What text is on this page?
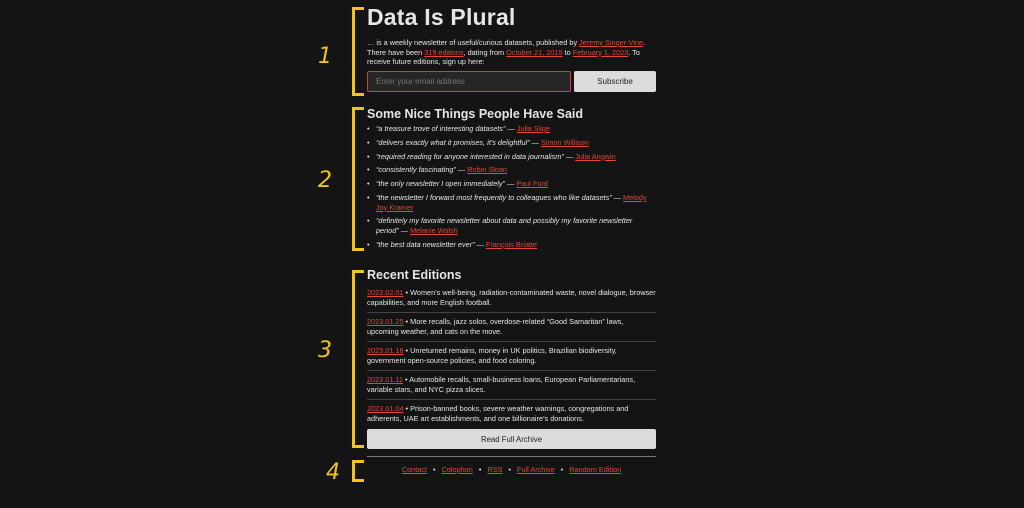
1
2
3
4
Data Is Plural
… is a weekly newsletter of useful/curious datasets, published by Jeremy Singer-Vine. There have been 319 editions, dating from October 21, 2015 to February 1, 2023. To receive future editions, sign up here:
Enter your email address
Subscribe
Some Nice Things People Have Said
• “a treasure trove of interesting datasets” — Julia Silge
• “delivers exactly what it promises, it’s delightful” — Simon Willison
• “required reading for anyone interested in data journalism” — Julia Angwin
• “consistently fascinating” — Robin Sloan
• “the only newsletter I open immediately” — Paul Ford
• “the newsletter I forward most frequently to colleagues who like datasets” — Melody Joy Kramer
• “definitely my favorite newsletter about data and possibly my favorite newsletter period” — Melanie Walsh
• “the best data newsletter ever” — François Briatte
Recent Editions
2023.02.01 • Women’s well-being, radiation-contaminated waste, novel dialogue, browser capabilities, and more English football.
2023.01.25 • More recalls, jazz solos, overdose-related “Good Samaritan” laws, upcoming weather, and cats on the move.
2023.01.18 • Unreturned remains, money in UK politics, Brazilian biodiversity, government open-source policies, and food coloring.
2023.01.11 • Automobile recalls, small-business loans, European Parliamentarians, variable stars, and NYC pizza slices.
2023.01.04 • Prison-banned books, severe weather warnings, congregations and adherents, UAE art establishments, and one billionaire’s donations.
Read Full Archive
Contact • Colophon • RSS • Full Archive • Random Edition
